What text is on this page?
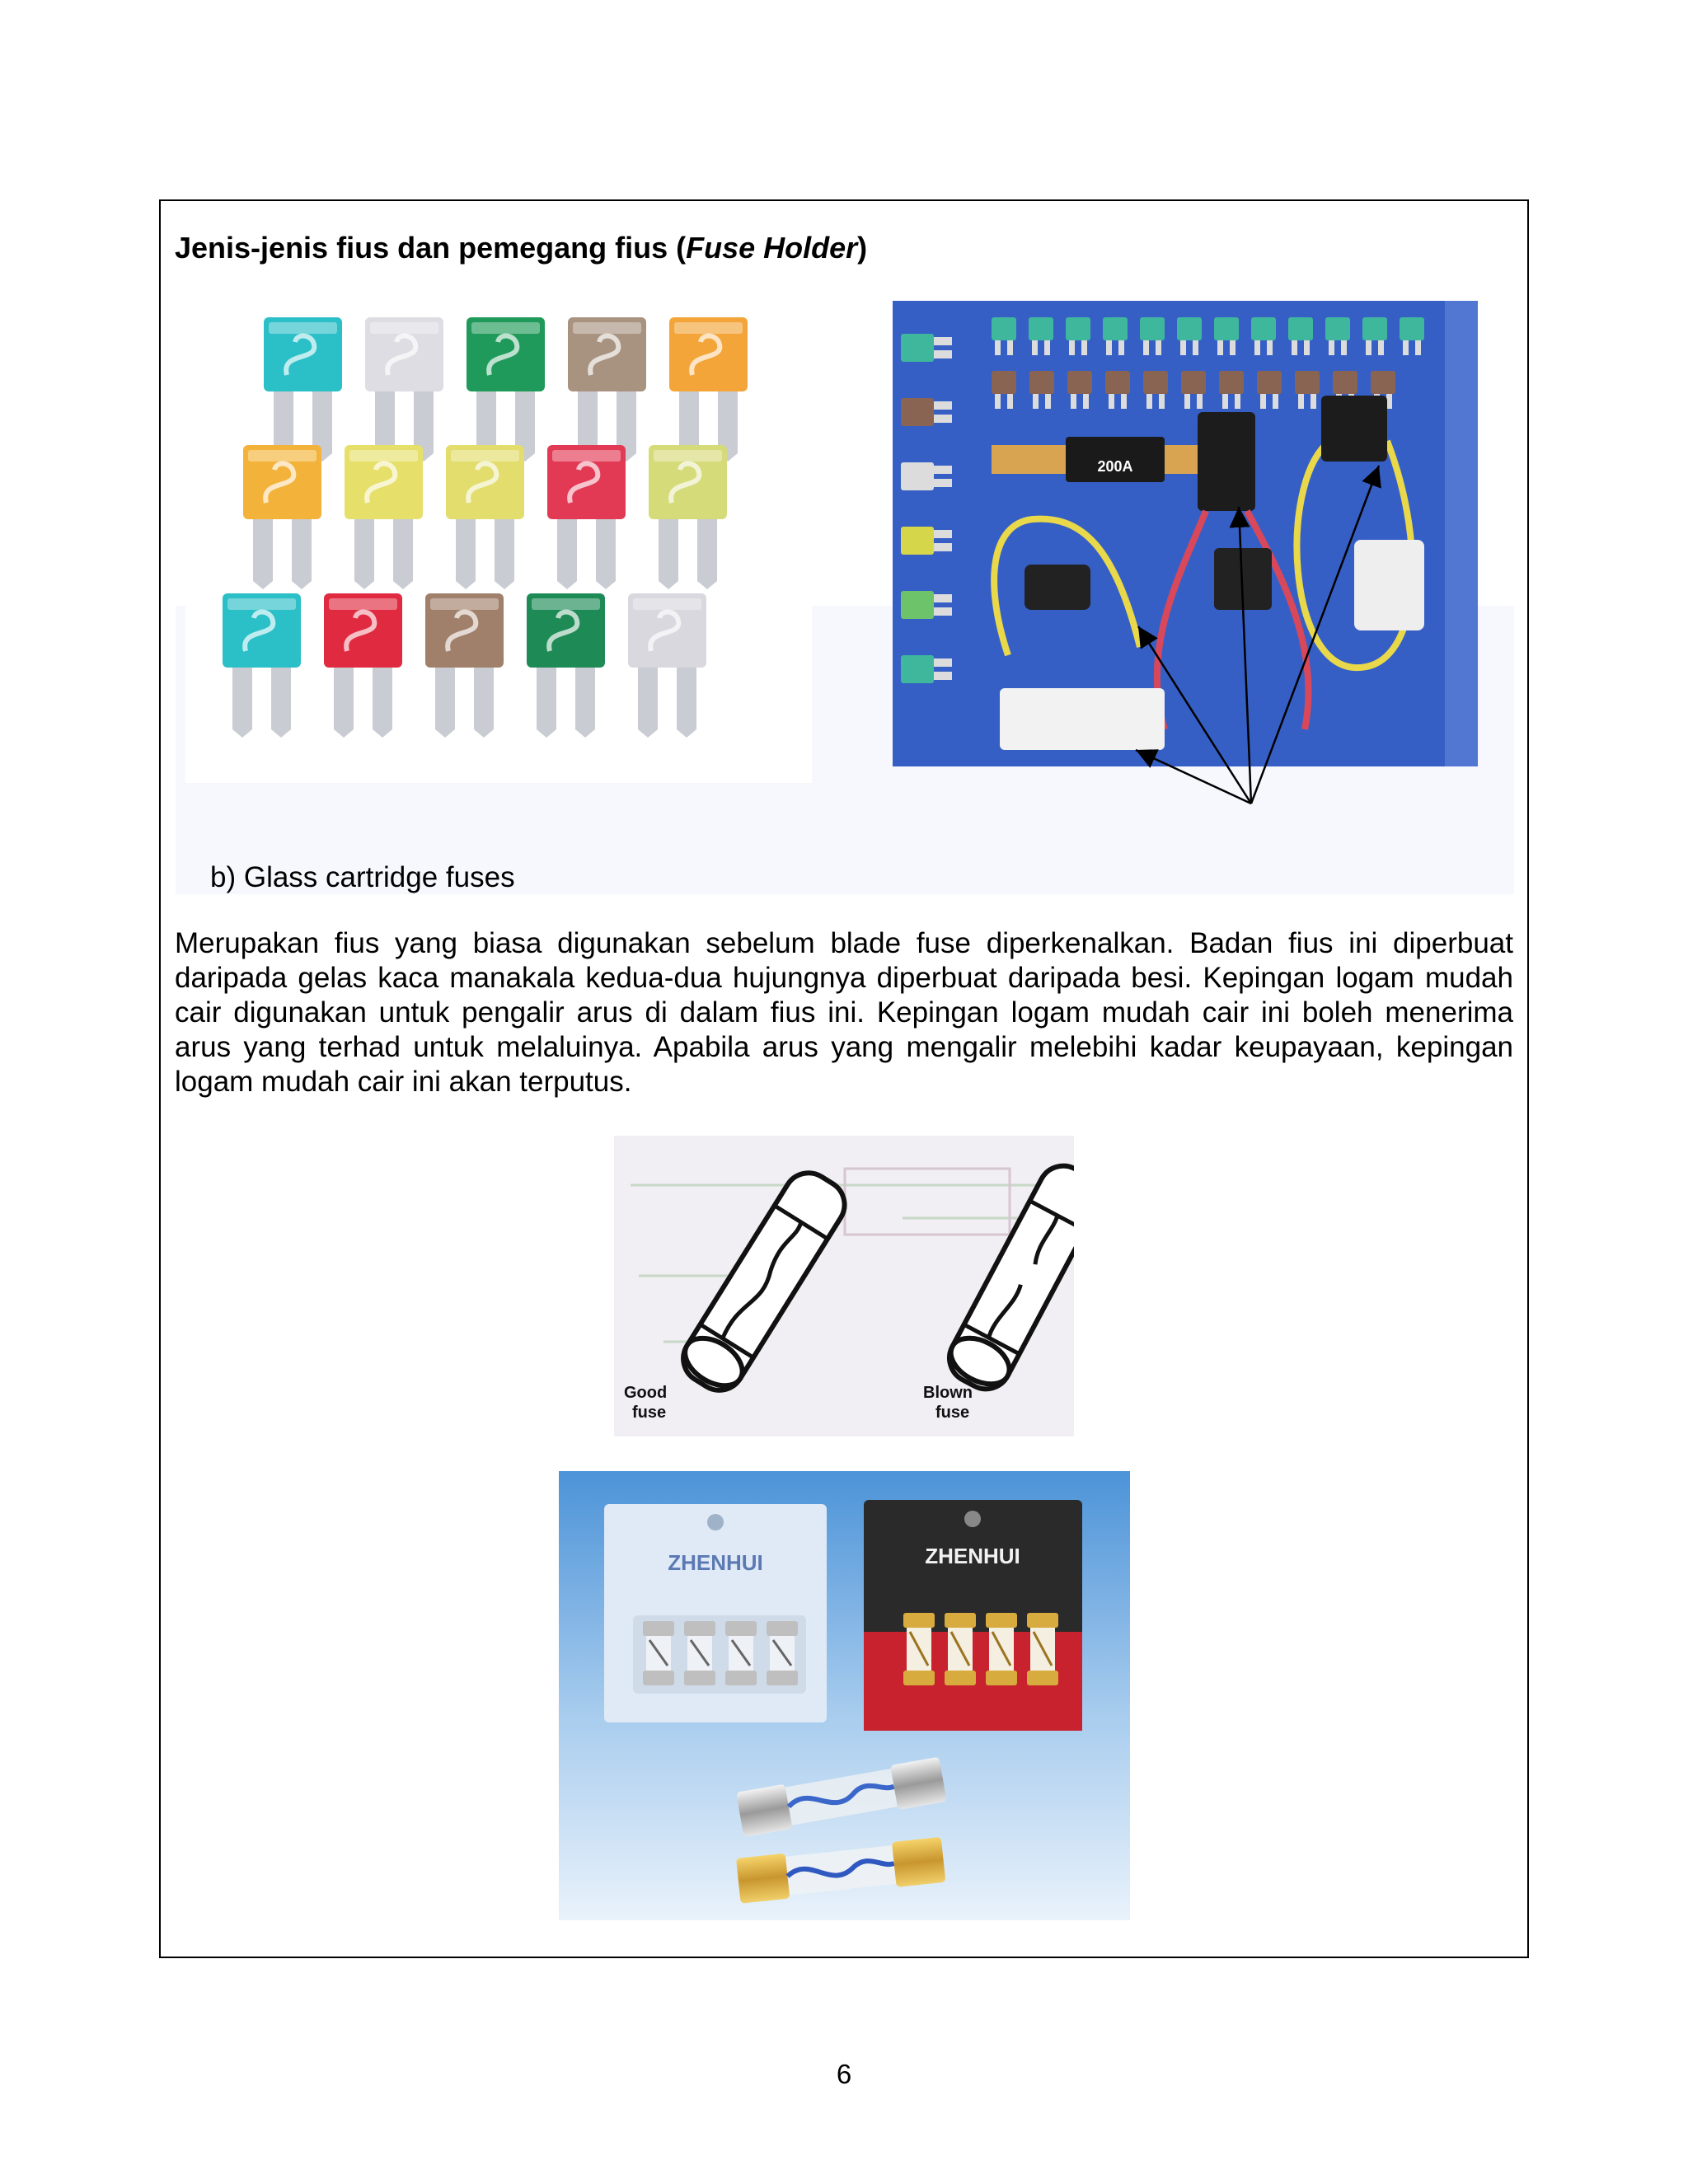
Jenis-jenis fius dan pemegang fius (Fuse Holder)
200A
b) Glass cartridge fuses

Merupakan fius yang biasa digunakan sebelum blade fuse diperkenalkan. Badan fius ini diperbuat daripada gelas kaca manakala kedua-dua hujungnya diperbuat daripada besi. Kepingan logam mudah cair digunakan untuk pengalir arus di dalam fius ini. Kepingan logam mudah cair ini boleh menerima arus yang terhad untuk melaluinya. Apabila arus yang mengalir melebihi kadar keupayaan, kepingan logam mudah cair ini akan terputus.

Good fuse
Blown fuse
ZHENHUI	ZHENHUI
6
